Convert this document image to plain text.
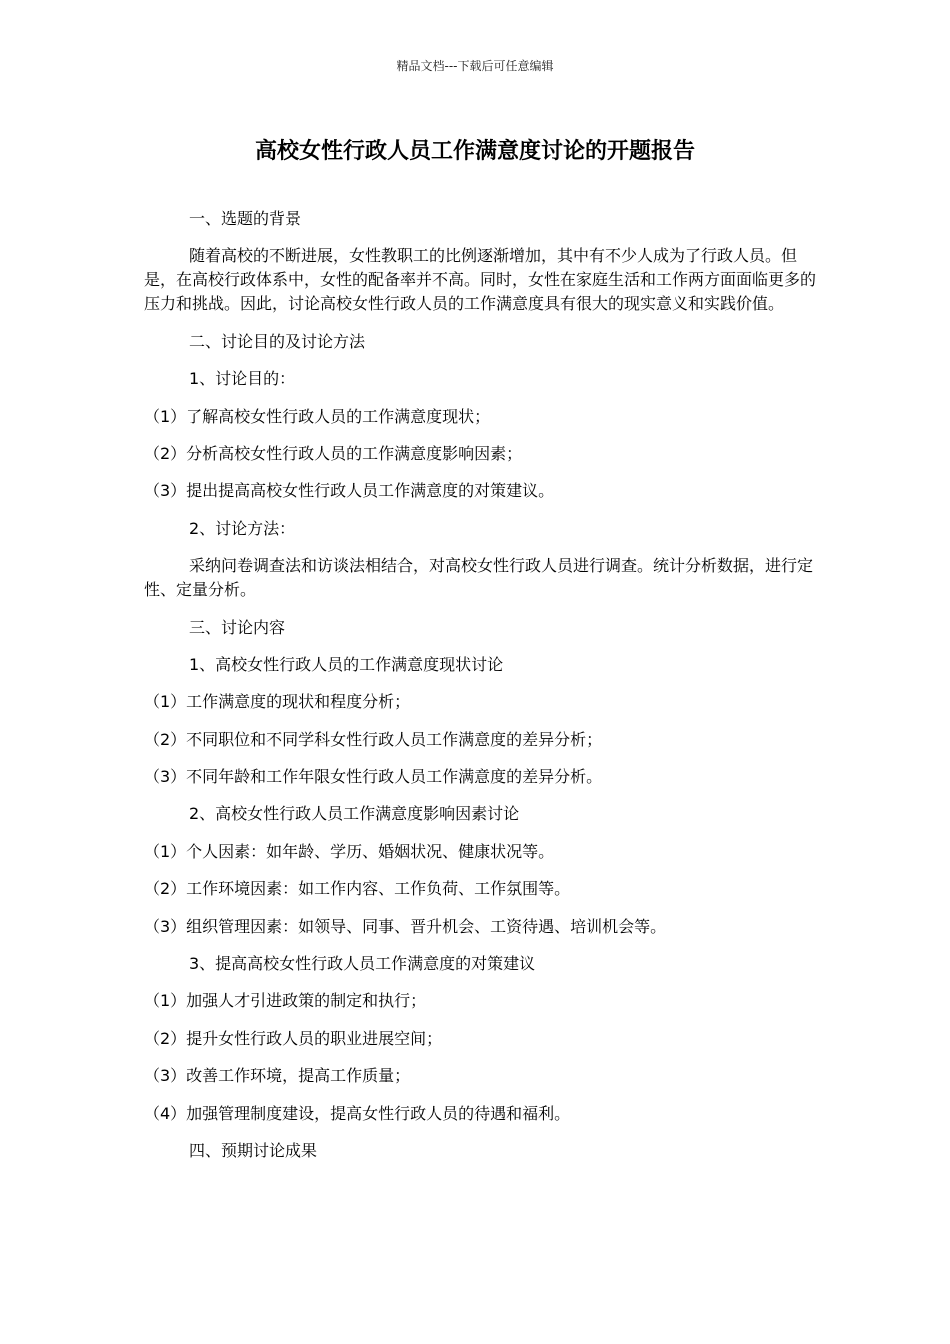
精品文档---下载后可任意编辑
高校女性行政人员工作满意度讨论的开题报告

一、选题的背景

随着高校的不断进展，女性教职工的比例逐渐增加，其中有不少人成为了行政人员。但是，在高校行政体系中，女性的配备率并不高。同时，女性在家庭生活和工作两方面面临更多的压力和挑战。因此，讨论高校女性行政人员的工作满意度具有很大的现实意义和实践价值。

二、讨论目的及讨论方法

1、讨论目的：

（1）了解高校女性行政人员的工作满意度现状；

（2）分析高校女性行政人员的工作满意度影响因素；

（3）提出提高高校女性行政人员工作满意度的对策建议。

2、讨论方法：

采纳问卷调查法和访谈法相结合，对高校女性行政人员进行调查。统计分析数据，进行定性、定量分析。

三、讨论内容

1、高校女性行政人员的工作满意度现状讨论

（1）工作满意度的现状和程度分析；

（2）不同职位和不同学科女性行政人员工作满意度的差异分析；

（3）不同年龄和工作年限女性行政人员工作满意度的差异分析。

2、高校女性行政人员工作满意度影响因素讨论

（1）个人因素：如年龄、学历、婚姻状况、健康状况等。

（2）工作环境因素：如工作内容、工作负荷、工作氛围等。

（3）组织管理因素：如领导、同事、晋升机会、工资待遇、培训机会等。

3、提高高校女性行政人员工作满意度的对策建议

（1）加强人才引进政策的制定和执行；

（2）提升女性行政人员的职业进展空间；

（3）改善工作环境，提高工作质量；

（4）加强管理制度建设，提高女性行政人员的待遇和福利。

四、预期讨论成果
